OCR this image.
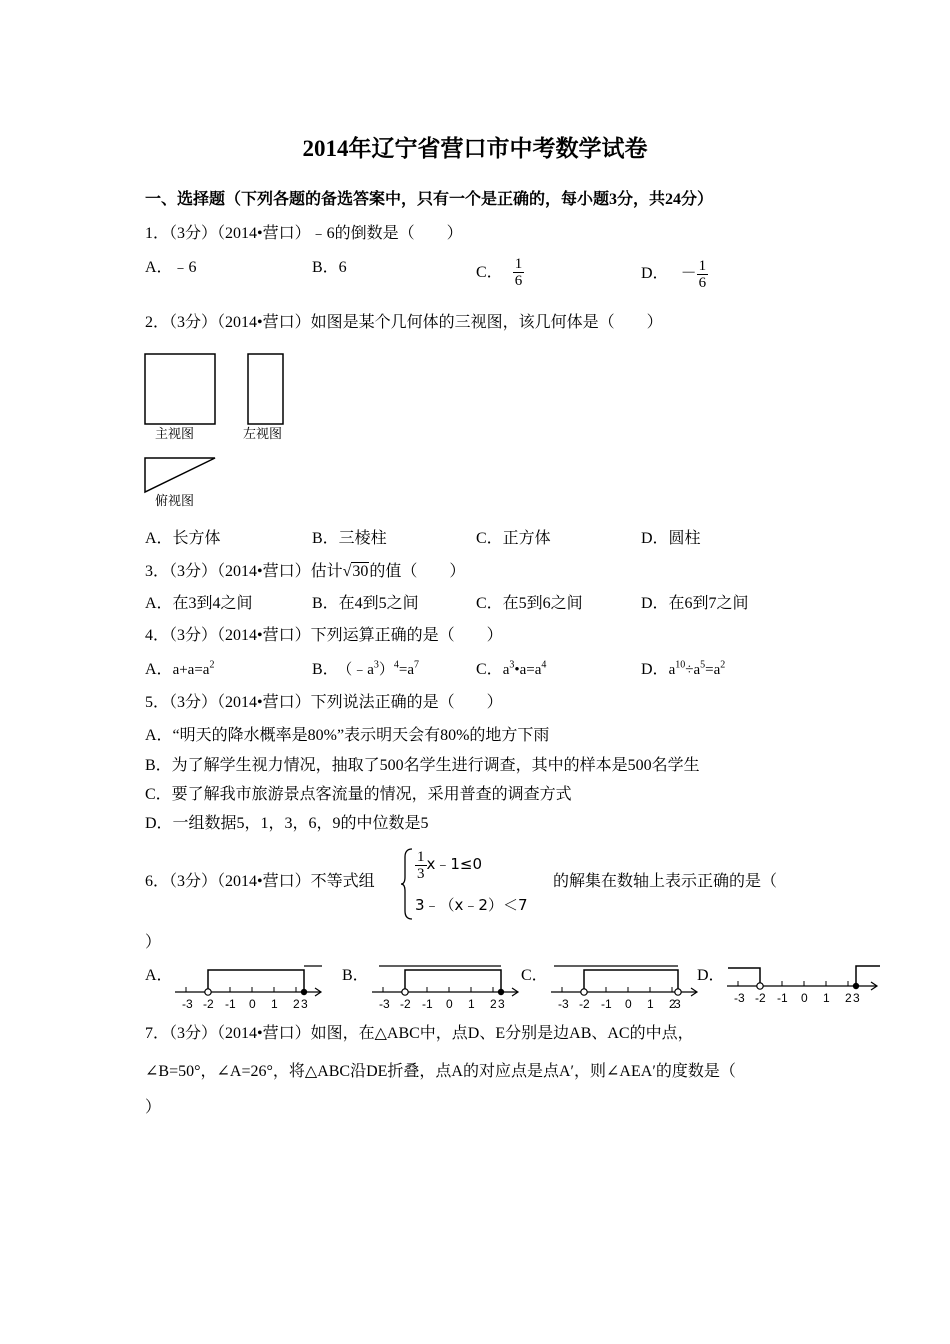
2014年辽宁省营口市中考数学试卷
一、选择题（下列各题的备选答案中，只有一个是正确的，每小题3分，共24分）
1．（3分）（2014•营口）﹣6的倒数是（　　）
A．﹣6	B．6	C． $\frac{1}{6}$	D． － $\frac{1}{6}$
2．（3分）（2014•营口）如图是某个几何体的三视图，该几何体是（　　）
主视图	左视图
俯视图
A．长方体	B．三棱柱	C．正方体	D．圆柱
3．（3分）（2014•营口）估计√30的值（　　）
A．在3到4之间	B．在4到5之间	C．在5到6之间	D．在6到7之间
4．（3分）（2014•营口）下列运算正确的是（　　）
A．$a+a=a^2$	B． $(﹣a^3)^4=a^7$	C．$a^3•a=a^4$	D．$a^{10}\div a^5=a^2$
5．（3分）（2014•营口）下列说法正确的是（　　）
A．“明天的降水概率是80%”表示明天会有80%的地方下雨
B．为了解学生视力情况，抽取了500名学生进行调查，其中的样本是500名学生
C．要了解我市旅游景点客流量的情况，采用普查的调查方式
D．一组数据5，1，3，6，9的中位数是5
6．（3分）（2014•营口）不等式组	$\frac{1}{3}$ x﹣1≤0
3﹣（x﹣2）＜7
的解集在数轴上表示正确的是（
）
A．	B．	C．	D．
-3 -2 -1 0 1 2 3	-3 -2 -1 0 1 2 3	-3 -2 -1 0 1 2
3	-3 -2 -1 0 1 2 3
7．（3分）（2014•营口）如图，在△ABC中，点D、E分别是边AB、AC的中点，
∠B=50°，∠A=26°，将△ABC沿DE折叠，点A的对应点是点A′，则∠AEA′的度数是（
）
